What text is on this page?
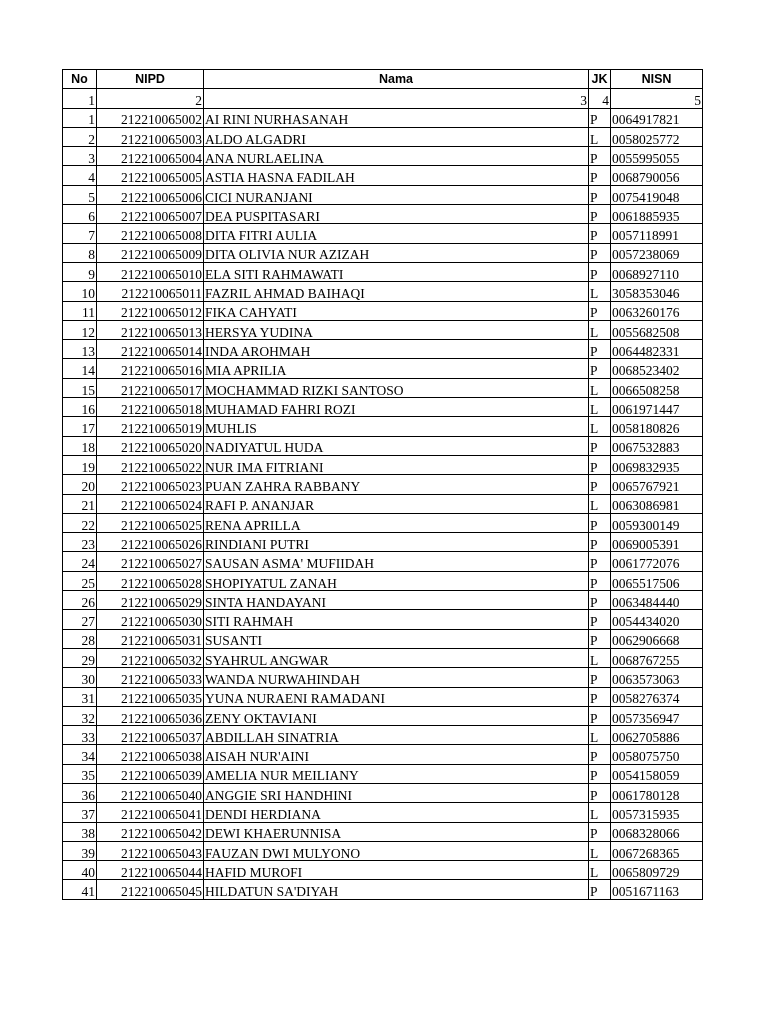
No	NIPD	Nama	JK	NISN
1	2	3	4	5
1	212210065002	AI RINI NURHASANAH	P	0064917821
2	212210065003	ALDO ALGADRI	L	0058025772
3	212210065004	ANA NURLAELINA	P	0055995055
4	212210065005	ASTIA HASNA FADILAH	P	0068790056
5	212210065006	CICI NURANJANI	P	0075419048
6	212210065007	DEA PUSPITASARI	P	0061885935
7	212210065008	DITA FITRI AULIA	P	0057118991
8	212210065009	DITA OLIVIA NUR AZIZAH	P	0057238069
9	212210065010	ELA SITI RAHMAWATI	P	0068927110
10	212210065011	FAZRIL AHMAD BAIHAQI	L	3058353046
11	212210065012	FIKA CAHYATI	P	0063260176
12	212210065013	HERSYA YUDINA	L	0055682508
13	212210065014	INDA AROHMAH	P	0064482331
14	212210065016	MIA APRILIA	P	0068523402
15	212210065017	MOCHAMMAD RIZKI SANTOSO	L	0066508258
16	212210065018	MUHAMAD FAHRI ROZI	L	0061971447
17	212210065019	MUHLIS	L	0058180826
18	212210065020	NADIYATUL HUDA	P	0067532883
19	212210065022	NUR IMA FITRIANI	P	0069832935
20	212210065023	PUAN ZAHRA RABBANY	P	0065767921
21	212210065024	RAFI P. ANANJAR	L	0063086981
22	212210065025	RENA APRILLA	P	0059300149
23	212210065026	RINDIANI PUTRI	P	0069005391
24	212210065027	SAUSAN ASMA' MUFIIDAH	P	0061772076
25	212210065028	SHOPIYATUL ZANAH	P	0065517506
26	212210065029	SINTA HANDAYANI	P	0063484440
27	212210065030	SITI RAHMAH	P	0054434020
28	212210065031	SUSANTI	P	0062906668
29	212210065032	SYAHRUL ANGWAR	L	0068767255
30	212210065033	WANDA NURWAHINDAH	P	0063573063
31	212210065035	YUNA NURAENI RAMADANI	P	0058276374
32	212210065036	ZENY OKTAVIANI	P	0057356947
33	212210065037	ABDILLAH SINATRIA	L	0062705886
34	212210065038	AISAH NUR'AINI	P	0058075750
35	212210065039	AMELIA NUR MEILIANY	P	0054158059
36	212210065040	ANGGIE SRI HANDHINI	P	0061780128
37	212210065041	DENDI HERDIANA	L	0057315935
38	212210065042	DEWI KHAERUNNISA	P	0068328066
39	212210065043	FAUZAN DWI MULYONO	L	0067268365
40	212210065044	HAFID MUROFI	L	0065809729
41	212210065045	HILDATUN SA'DIYAH	P	0051671163
